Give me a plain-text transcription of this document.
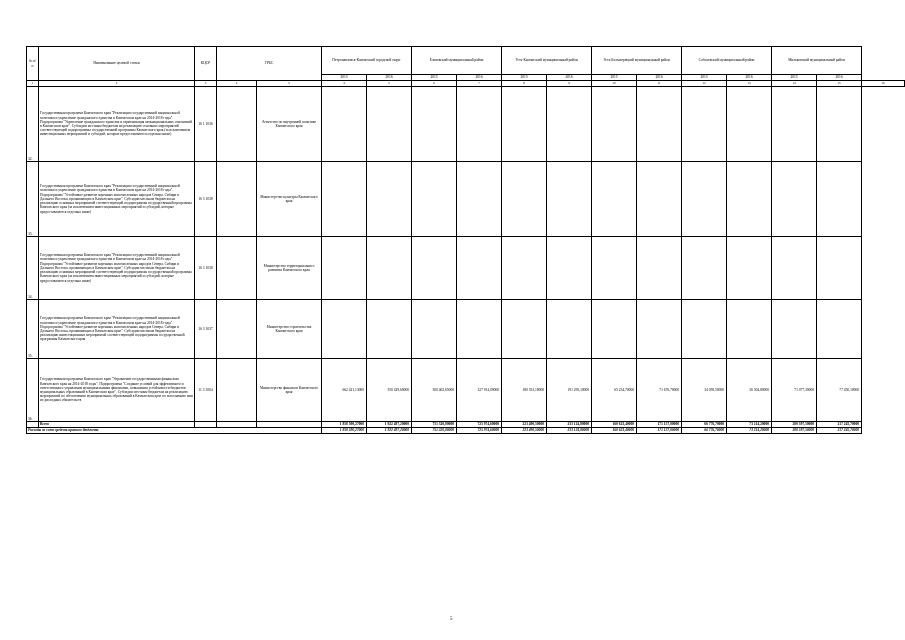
№ п/п	Наименование целевой статьи	КЦСР	ГРБС		Петропавловск-Камчатский городской округ		Елизовский муниципальный район		Усть-Камчатский муниципальный район		Усть-Большерецкий муниципальный район		Соболевский муниципальный район		Мильковский муниципальный район		
					2015	2016	2015	2016	2015	2016	2015	2016	2015	2016	2015	2016	
1	2	3	4	5	4	5	6	7	8	9	10	11	12	13	14	15	16
32.	Государственная программа Камчатского края "Реализация государственной национальной политики и укрепление гражданского единства в Камчатском крае на 2014-2018 годы". Подпрограмма "Укрепление гражданского единства и гармонизация межнациональных отношений в Камчатском крае". Субсидии местным бюджетам на реализацию основных мероприятий соответствующей подпрограммы государственной программы Камчатского края (за исключением инвестиционных мероприятий и субсидий, которые предоставляются отдельно ниже)	16 1 1036		Агентство по внутренней политике Камчатского края													
33.	Государственная программа Камчатского края "Реализация государственной национальной политики и укрепление гражданского единства в Камчатском крае на 2014-2018 годы". Подпрограмма "Устойчивое развитие коренных малочисленных народов Севера, Сибири и Дальнего Востока, проживающих в Камчатском крае". Субсидии местным бюджетам на реализацию основных мероприятий соответствующей подпрограммы государственной программы Камчатского края (за исключением инвестиционных мероприятий и субсидий, которые предоставляются отдельно ниже)	16 3 1038		Министерство культуры Камчатского края													
34.	Государственная программа Камчатского края "Реализация государственной национальной политики и укрепление гражданского единства в Камчатском крае на 2014-2018 годы". Подпрограмма "Устойчивое развитие коренных малочисленных народов Севера, Сибири и Дальнего Востока, проживающих в Камчатском крае". Субсидии местным бюджетам на реализацию основных мероприятий соответствующей подпрограммы государственной программы Камчатского края (за исключением инвестиционных мероприятий и субсидий, которые предоставляются отдельно ниже)	16 3 1038		Министерство территориального развития Камчатского края													
35.	Государственная программа Камчатского края "Реализация государственной национальной политики и укрепление гражданского единства в Камчатском крае на 2014-2018 годы". Подпрограмма "Устойчивое развитие коренных малочисленных народов Севера, Сибири и Дальнего Востока, проживающих в Камчатском крае". Субсидии местным бюджетам на реализацию инвестиционных мероприятий соответствующей подпрограммы государственной программы Камчатского края	16 3 1037		Министерство строительства Камчатского края													
36.	Государственная программа Камчатского края "Управление государственными финансами Камчатского края на 2014-2018 годы". Подпрограмма "Создание условий для эффективного и ответственного управления муниципальными финансами, повышения устойчивости бюджетов муниципальных образований в Камчатском крае". Субсидии местным бюджетам на реализацию мероприятий по обеспечению муниципальных образований в Камчатском крае по исполнению ими их расходных обязательств	11 3 1004		Министерство финансов Камчатского края	662 421,13000	550 429,60000	300 465,65000	327 914,09000	180 353,18000	191 295,10000	65 234,70000	71 676,70000	34 059,50000	36 304,80000	71 077,30000	77 450,10000	
	Всего				1 858 590,27000	1 922 497,20000	751 320,80000	725 974,60000	223 490,50000	233 124,80000	160 623,40000	171 157,00000	66 776,70000	73 214,20000	200 597,50000	217 245,70000	
Расходы за счет средств краевого бюджета					1 858 590,27000	1 922 497,20000	751 320,80000	725 974,60000	223 490,50000	233 124,80000	160 623,40000	171 157,00000	66 776,70000	73 214,20000	200 597,50000	217 245,70000	
5
